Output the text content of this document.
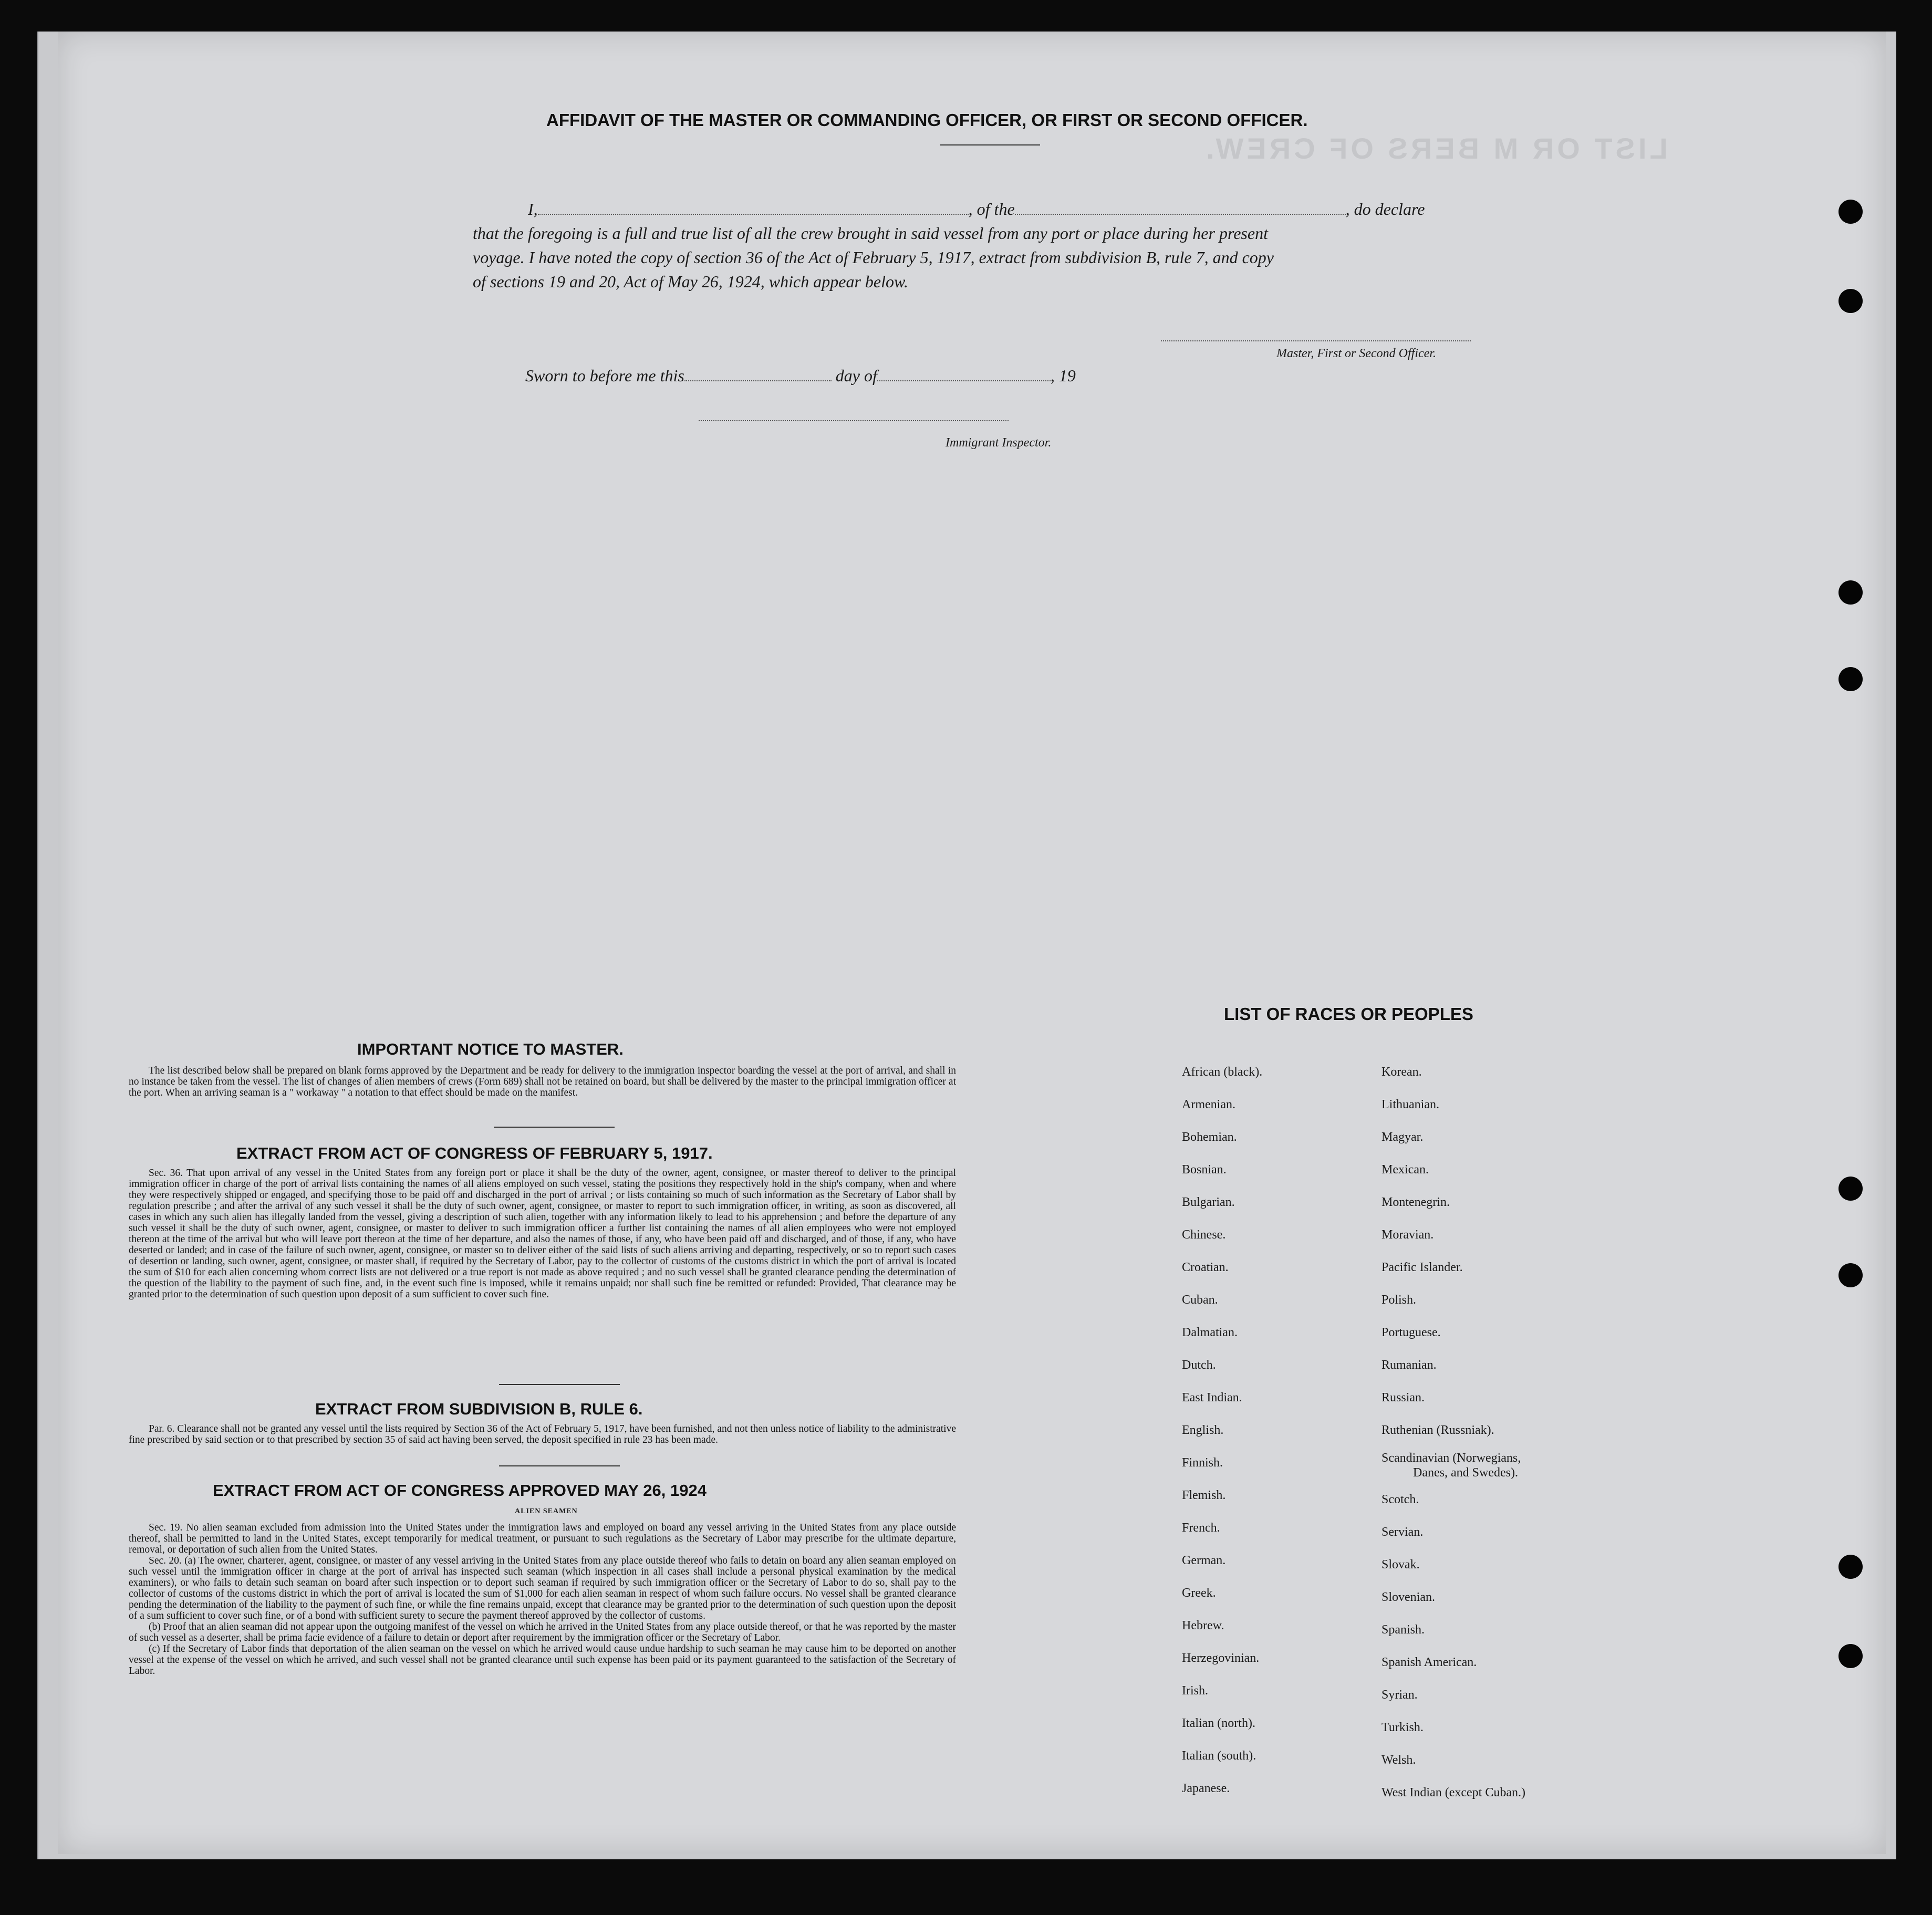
LIST OR M BERS OF CREW.
AFFIDAVIT OF THE MASTER OR COMMANDING OFFICER, OR FIRST OR SECOND OFFICER.
I,	, of the	, do declare
that the foregoing is a full and true list of all the crew brought in said vessel from any port or place during her present
voyage. I have noted the copy of section 36 of the Act of February 5, 1917, extract from subdivision B, rule 7, and copy
of sections 19 and 20, Act of May 26, 1924, which appear below.
Master, First or Second Officer.
Sworn to before me this	day of	, 19
Immigrant Inspector.
IMPORTANT NOTICE TO MASTER.

The list described below shall be prepared on blank forms approved by the Department and be ready for delivery to the immigration inspector boarding the vessel at the port of arrival, and shall in no instance be taken from the vessel. The list of changes of alien members of crews (Form 689) shall not be retained on board, but shall be delivered by the master to the principal immigration officer at the port. When an arriving seaman is a " workaway " a notation to that effect should be made on the manifest.

EXTRACT FROM ACT OF CONGRESS OF FEBRUARY 5, 1917.

Sec. 36. That upon arrival of any vessel in the United States from any foreign port or place it shall be the duty of the owner, agent, consignee, or master thereof to deliver to the principal immigration officer in charge of the port of arrival lists containing the names of all aliens employed on such vessel, stating the positions they respectively hold in the ship's company, when and where they were respectively shipped or engaged, and specifying those to be paid off and discharged in the port of arrival ; or lists containing so much of such information as the Secretary of Labor shall by regulation prescribe ; and after the arrival of any such vessel it shall be the duty of such owner, agent, consignee, or master to report to such immigration officer, in writing, as soon as discovered, all cases in which any such alien has illegally landed from the vessel, giving a description of such alien, together with any information likely to lead to his apprehension ; and before the departure of any such vessel it shall be the duty of such owner, agent, consignee, or master to deliver to such immigration officer a further list containing the names of all alien employees who were not employed thereon at the time of the arrival but who will leave port thereon at the time of her departure, and also the names of those, if any, who have been paid off and discharged, and of those, if any, who have deserted or landed; and in case of the failure of such owner, agent, consignee, or master so to deliver either of the said lists of such aliens arriving and departing, respectively, or so to report such cases of desertion or landing, such owner, agent, consignee, or master shall, if required by the Secretary of Labor, pay to the collector of customs of the customs district in which the port of arrival is located the sum of $10 for each alien concerning whom correct lists are not delivered or a true report is not made as above required ; and no such vessel shall be granted clearance pending the determination of the question of the liability to the payment of such fine, and, in the event such fine is imposed, while it remains unpaid; nor shall such fine be remitted or refunded: Provided, That clearance may be granted prior to the determination of such question upon deposit of a sum sufficient to cover such fine.

EXTRACT FROM SUBDIVISION B, RULE 6.

Par. 6. Clearance shall not be granted any vessel until the lists required by Section 36 of the Act of February 5, 1917, have been furnished, and not then unless notice of liability to the administrative fine prescribed by said section or to that prescribed by section 35 of said act having been served, the deposit specified in rule 23 has been made.

EXTRACT FROM ACT OF CONGRESS APPROVED MAY 26, 1924
ALIEN SEAMEN

Sec. 19. No alien seaman excluded from admission into the United States under the immigration laws and employed on board any vessel arriving in the United States from any place outside thereof, shall be permitted to land in the United States, except temporarily for medical treatment, or pursuant to such regulations as the Secretary of Labor may prescribe for the ultimate departure, removal, or deportation of such alien from the United States.

Sec. 20. (a) The owner, charterer, agent, consignee, or master of any vessel arriving in the United States from any place outside thereof who fails to detain on board any alien seaman employed on such vessel until the immigration officer in charge at the port of arrival has inspected such seaman (which inspection in all cases shall include a personal physical examination by the medical examiners), or who fails to detain such seaman on board after such inspection or to deport such seaman if required by such immigration officer or the Secretary of Labor to do so, shall pay to the collector of customs of the customs district in which the port of arrival is located the sum of $1,000 for each alien seaman in respect of whom such failure occurs. No vessel shall be granted clearance pending the determination of the liability to the payment of such fine, or while the fine remains unpaid, except that clearance may be granted prior to the determination of such question upon the deposit of a sum sufficient to cover such fine, or of a bond with sufficient surety to secure the payment thereof approved by the collector of customs.

(b) Proof that an alien seaman did not appear upon the outgoing manifest of the vessel on which he arrived in the United States from any place outside thereof, or that he was reported by the master of such vessel as a deserter, shall be prima facie evidence of a failure to detain or deport after requirement by the immigration officer or the Secretary of Labor.

(c) If the Secretary of Labor finds that deportation of the alien seaman on the vessel on which he arrived would cause undue hardship to such seaman he may cause him to be deported on another vessel at the expense of the vessel on which he arrived, and such vessel shall not be granted clearance until such expense has been paid or its payment guaranteed to the satisfaction of the Secretary of Labor.

LIST OF RACES OR PEOPLES
African (black).
Armenian.
Bohemian.
Bosnian.
Bulgarian.
Chinese.
Croatian.
Cuban.
Dalmatian.
Dutch.
East Indian.
English.
Finnish.
Flemish.
French.
German.
Greek.
Hebrew.
Herzegovinian.
Irish.
Italian (north).
Italian (south).
Japanese.
Korean.
Lithuanian.
Magyar.
Mexican.
Montenegrin.
Moravian.
Pacific Islander.
Polish.
Portuguese.
Rumanian.
Russian.
Ruthenian (Russniak).
Scandinavian (Norwegians,
Danes, and Swedes).
Scotch.
Servian.
Slovak.
Slovenian.
Spanish.
Spanish American.
Syrian.
Turkish.
Welsh.
West Indian (except Cuban.)
